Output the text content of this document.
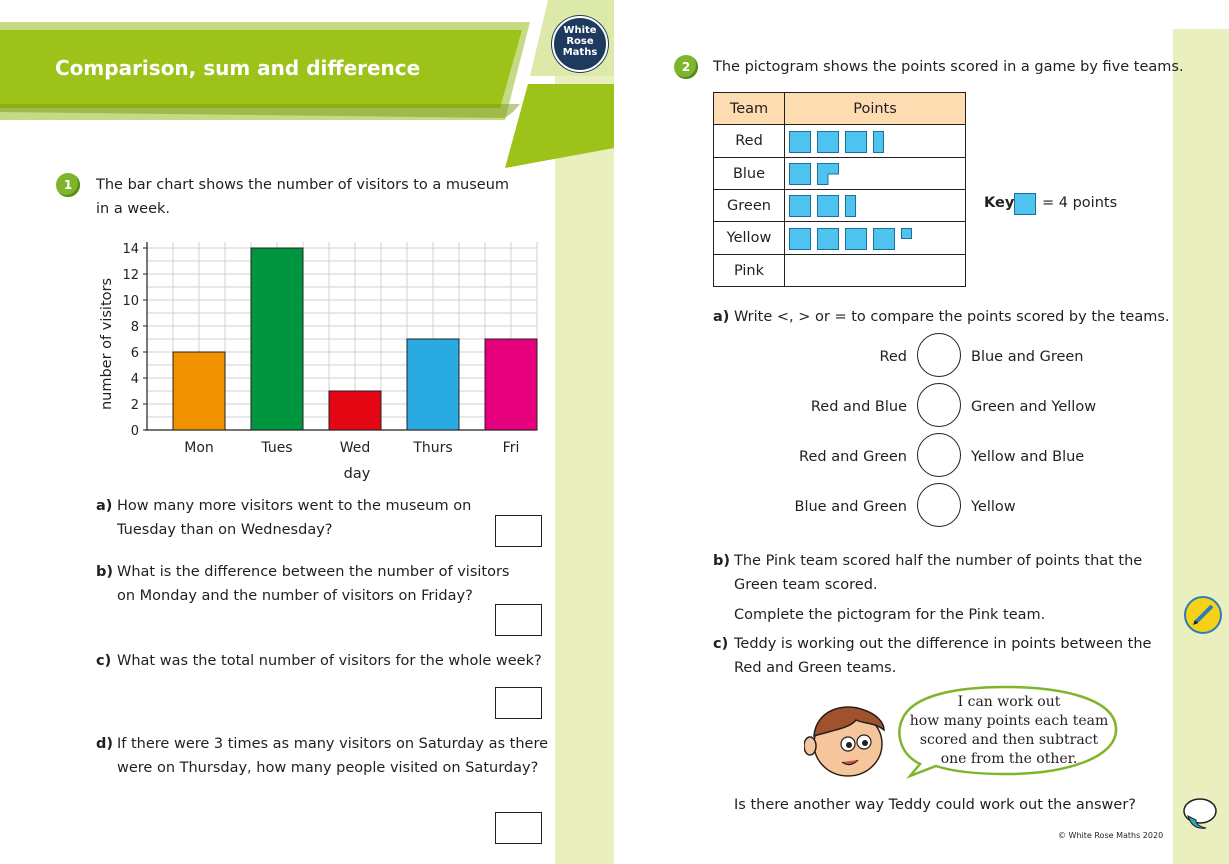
Comparison, sum and difference
White
Rose
Maths
1	The bar chart shows the number of visitors to a museum
in a week.
0
2
4
6
8
10
12
14
Mon	Tues	Wed	Thurs	Fri
day
number of visitors
a) How many more visitors went to the museum on
Tuesday than on Wednesday?
b) What is the difference between the number of visitors
on Monday and the number of visitors on Friday?
c) What was the total number of visitors for the whole week?
d) If there were 3 times as many visitors on Saturday as there
were on Thursday, how many people visited on Saturday?
2	The pictogram shows the points scored in a game by five teams.
Team	Points
Red	

Blue	

Green	

Yellow	

Pink	
Key = 4 points
a) Write <, > or = to compare the points scored by the teams.
Red	Blue and Green
Red and Blue	Green and Yellow
Red and Green	Yellow and Blue
Blue and Green	Yellow
b) The Pink team scored half the number of points that the
Green team scored.
Complete the pictogram for the Pink team.
c) Teddy is working out the difference in points between the
Red and Green teams.
I can work out
how many points each team
scored and then subtract
one from the other.
Is there another way Teddy could work out the answer?
© White Rose Maths 2020
